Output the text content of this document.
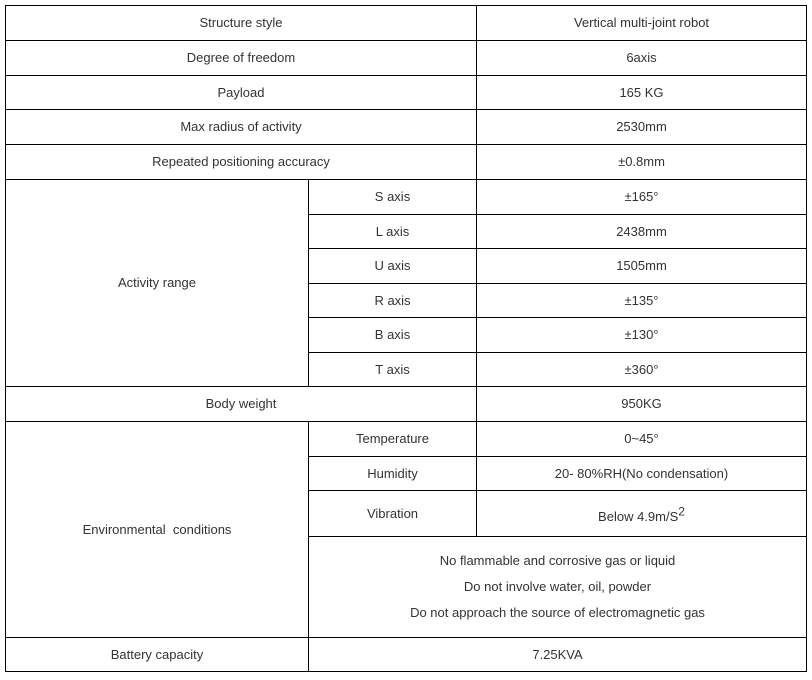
Structure style		Vertical multi-joint robot
Degree of freedom		6axis
Payload		165 KG
Max radius of activity		2530mm
Repeated positioning accuracy		±0.8mm
Activity range	S axis	±165°
	L axis	2438mm
	U axis	1505mm
	R axis	±135°
	B axis	±130°
	T axis	±360°
Body weight		950KG
Environmental  conditions	Temperature	0~45°
	Humidity	20- 80%RH(No condensation)
	Vibration	Below 4.9m/S2

	No flammable and corrosive gas or liquid
Do not involve water, oil, powder
Do not approach the source of electromagnetic gas	

Battery capacity	7.25KVA	
